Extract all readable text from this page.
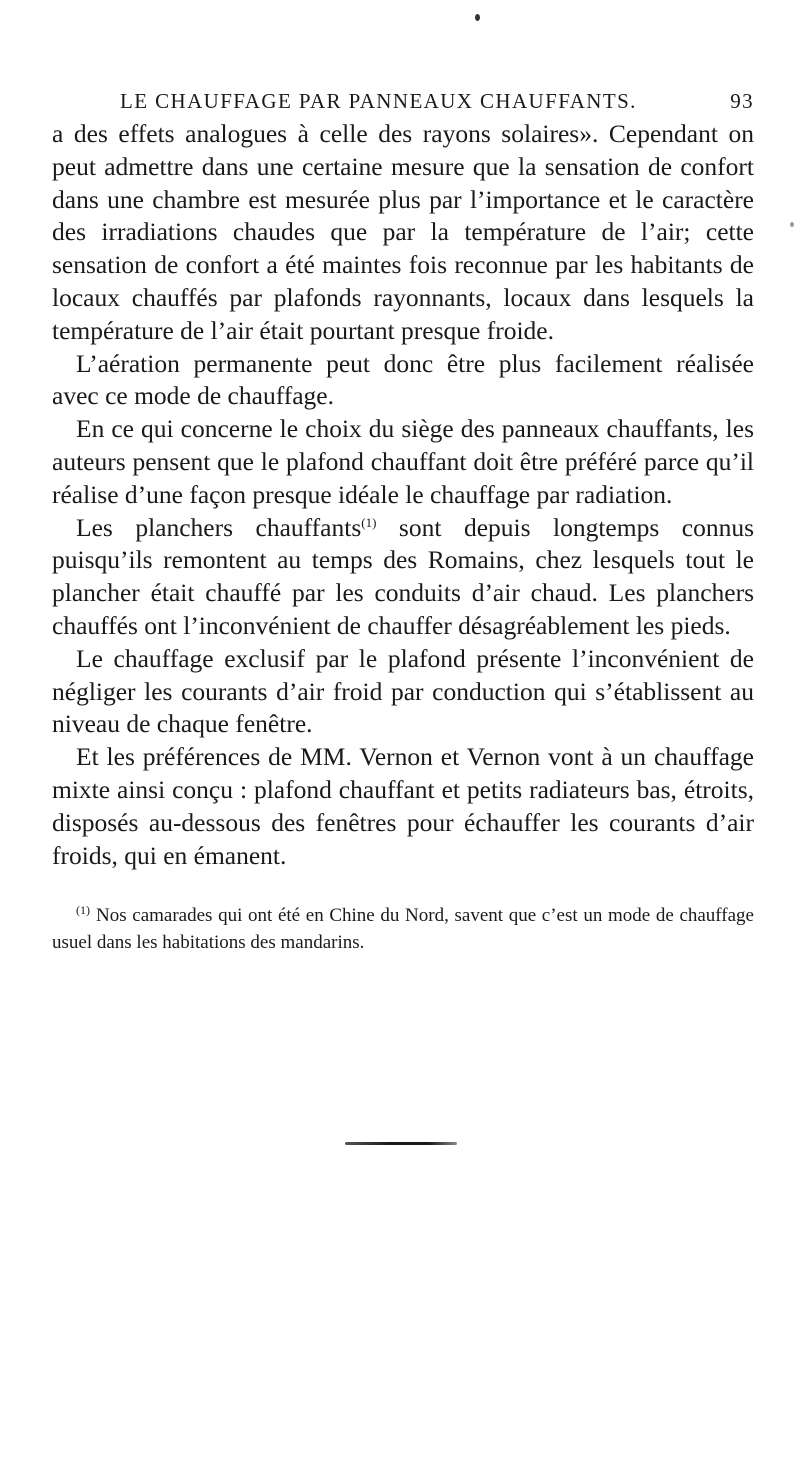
LE CHAUFFAGE PAR PANNEAUX CHAUFFANTS.	93

a des effets analogues à celle des rayons solaires». Cependant on peut admettre dans une certaine mesure que la sensation de confort dans une chambre est mesurée plus par l’importance et le caractère des irradiations chaudes que par la température de l’air; cette sensation de confort a été maintes fois reconnue par les habitants de locaux chauffés par plafonds rayonnants, locaux dans lesquels la température de l’air était pourtant presque froide.

L’aération permanente peut donc être plus facilement réalisée avec ce mode de chauffage.

En ce qui concerne le choix du siège des panneaux chauffants, les auteurs pensent que le plafond chauffant doit être préféré parce qu’il réalise d’une façon presque idéale le chauffage par radiation.

Les planchers chauffants$^{(1)}$ sont depuis longtemps connus puisqu’ils remontent au temps des Romains, chez lesquels tout le plancher était chauffé par les conduits d’air chaud. Les planchers chauffés ont l’inconvénient de chauffer désagréablement les pieds.

Le chauffage exclusif par le plafond présente l’inconvénient de négliger les courants d’air froid par conduction qui s’établissent au niveau de chaque fenêtre.

Et les préférences de MM. Vernon et Vernon vont à un chauffage mixte ainsi conçu : plafond chauffant et petits radiateurs bas, étroits, disposés au-dessous des fenêtres pour échauffer les courants d’air froids, qui en émanent.

$^{(1)}$ Nos camarades qui ont été en Chine du Nord, savent que c’est un mode de chauffage usuel dans les habitations des mandarins.
